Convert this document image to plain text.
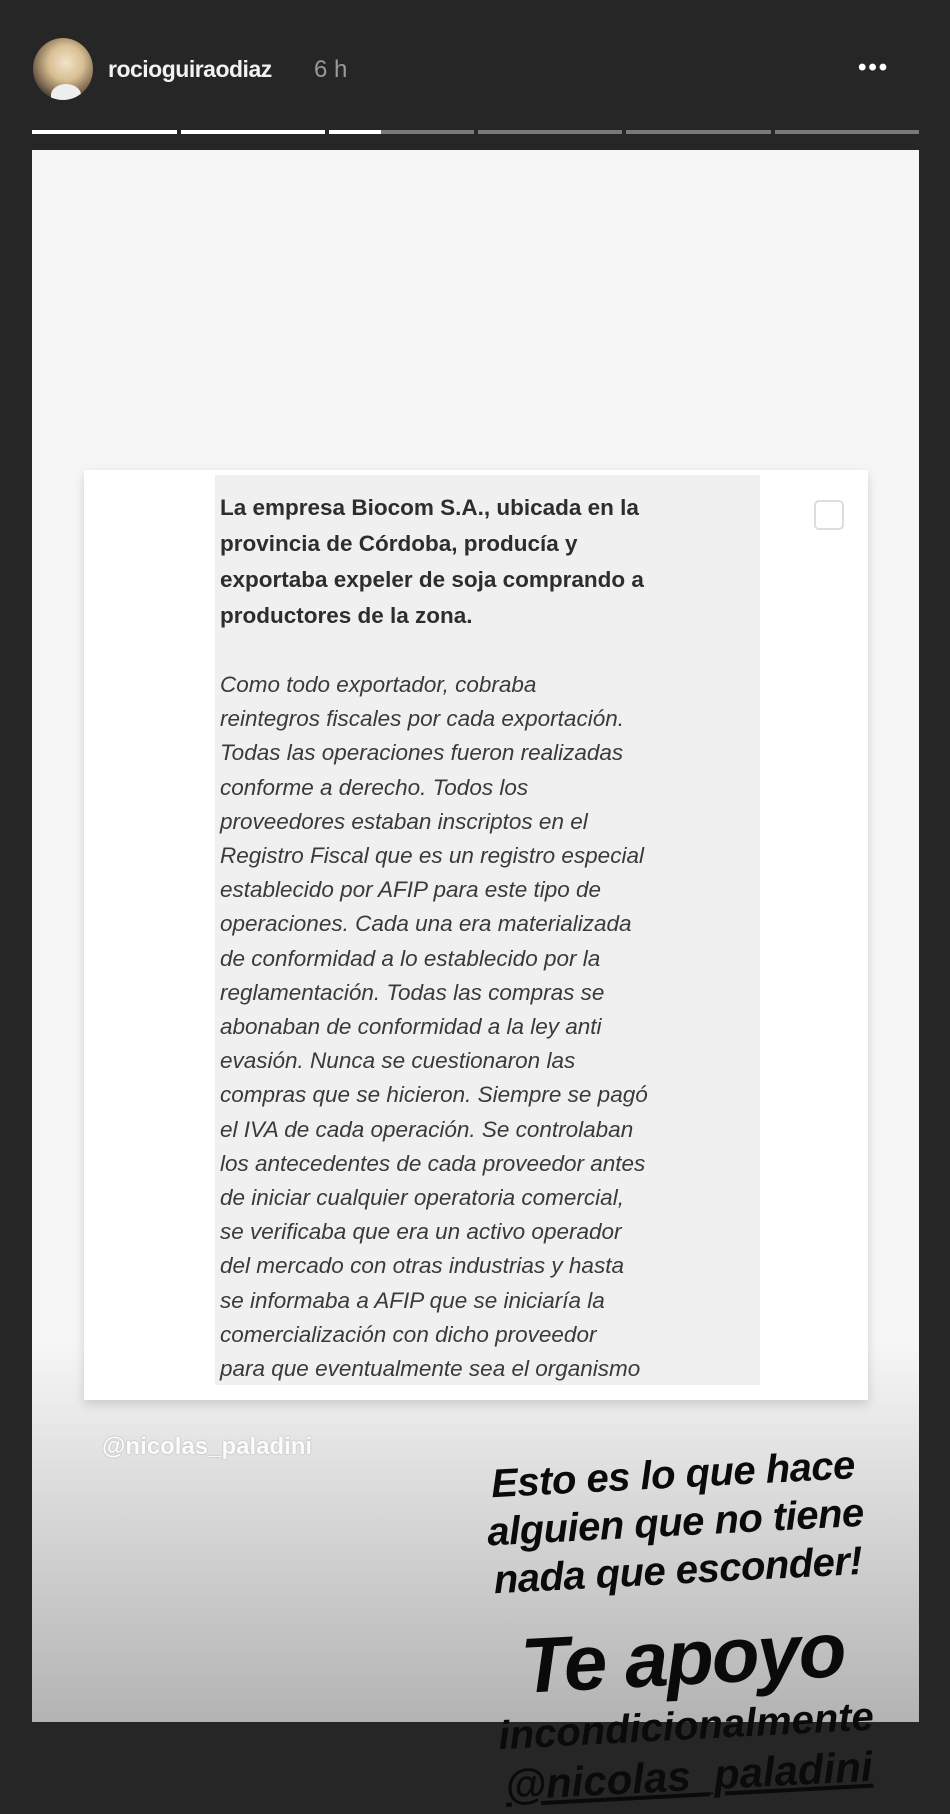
rocioguiraodiaz 6 h	•••
La empresa Biocom S.A., ubicada en la
provincia de Córdoba, producía y
exportaba expeler de soja comprando a
productores de la zona.
Como todo exportador, cobraba
reintegros fiscales por cada exportación.
Todas las operaciones fueron realizadas
conforme a derecho. Todos los
proveedores estaban inscriptos en el
Registro Fiscal que es un registro especial
establecido por AFIP para este tipo de
operaciones. Cada una era materializada
de conformidad a lo establecido por la
reglamentación. Todas las compras se
abonaban de conformidad a la ley anti
evasión. Nunca se cuestionaron las
compras que se hicieron. Siempre se pagó
el IVA de cada operación. Se controlaban
los antecedentes de cada proveedor antes
de iniciar cualquier operatoria comercial,
se verificaba que era un activo operador
del mercado con otras industrias y hasta
se informaba a AFIP que se iniciaría la
comercialización con dicho proveedor
para que eventualmente sea el organismo
@nicolas_paladini	Esto es lo que hace
alguien que no tiene
nada que esconder!
Te apoyo
incondicionalmente
@nicolas_paladini
